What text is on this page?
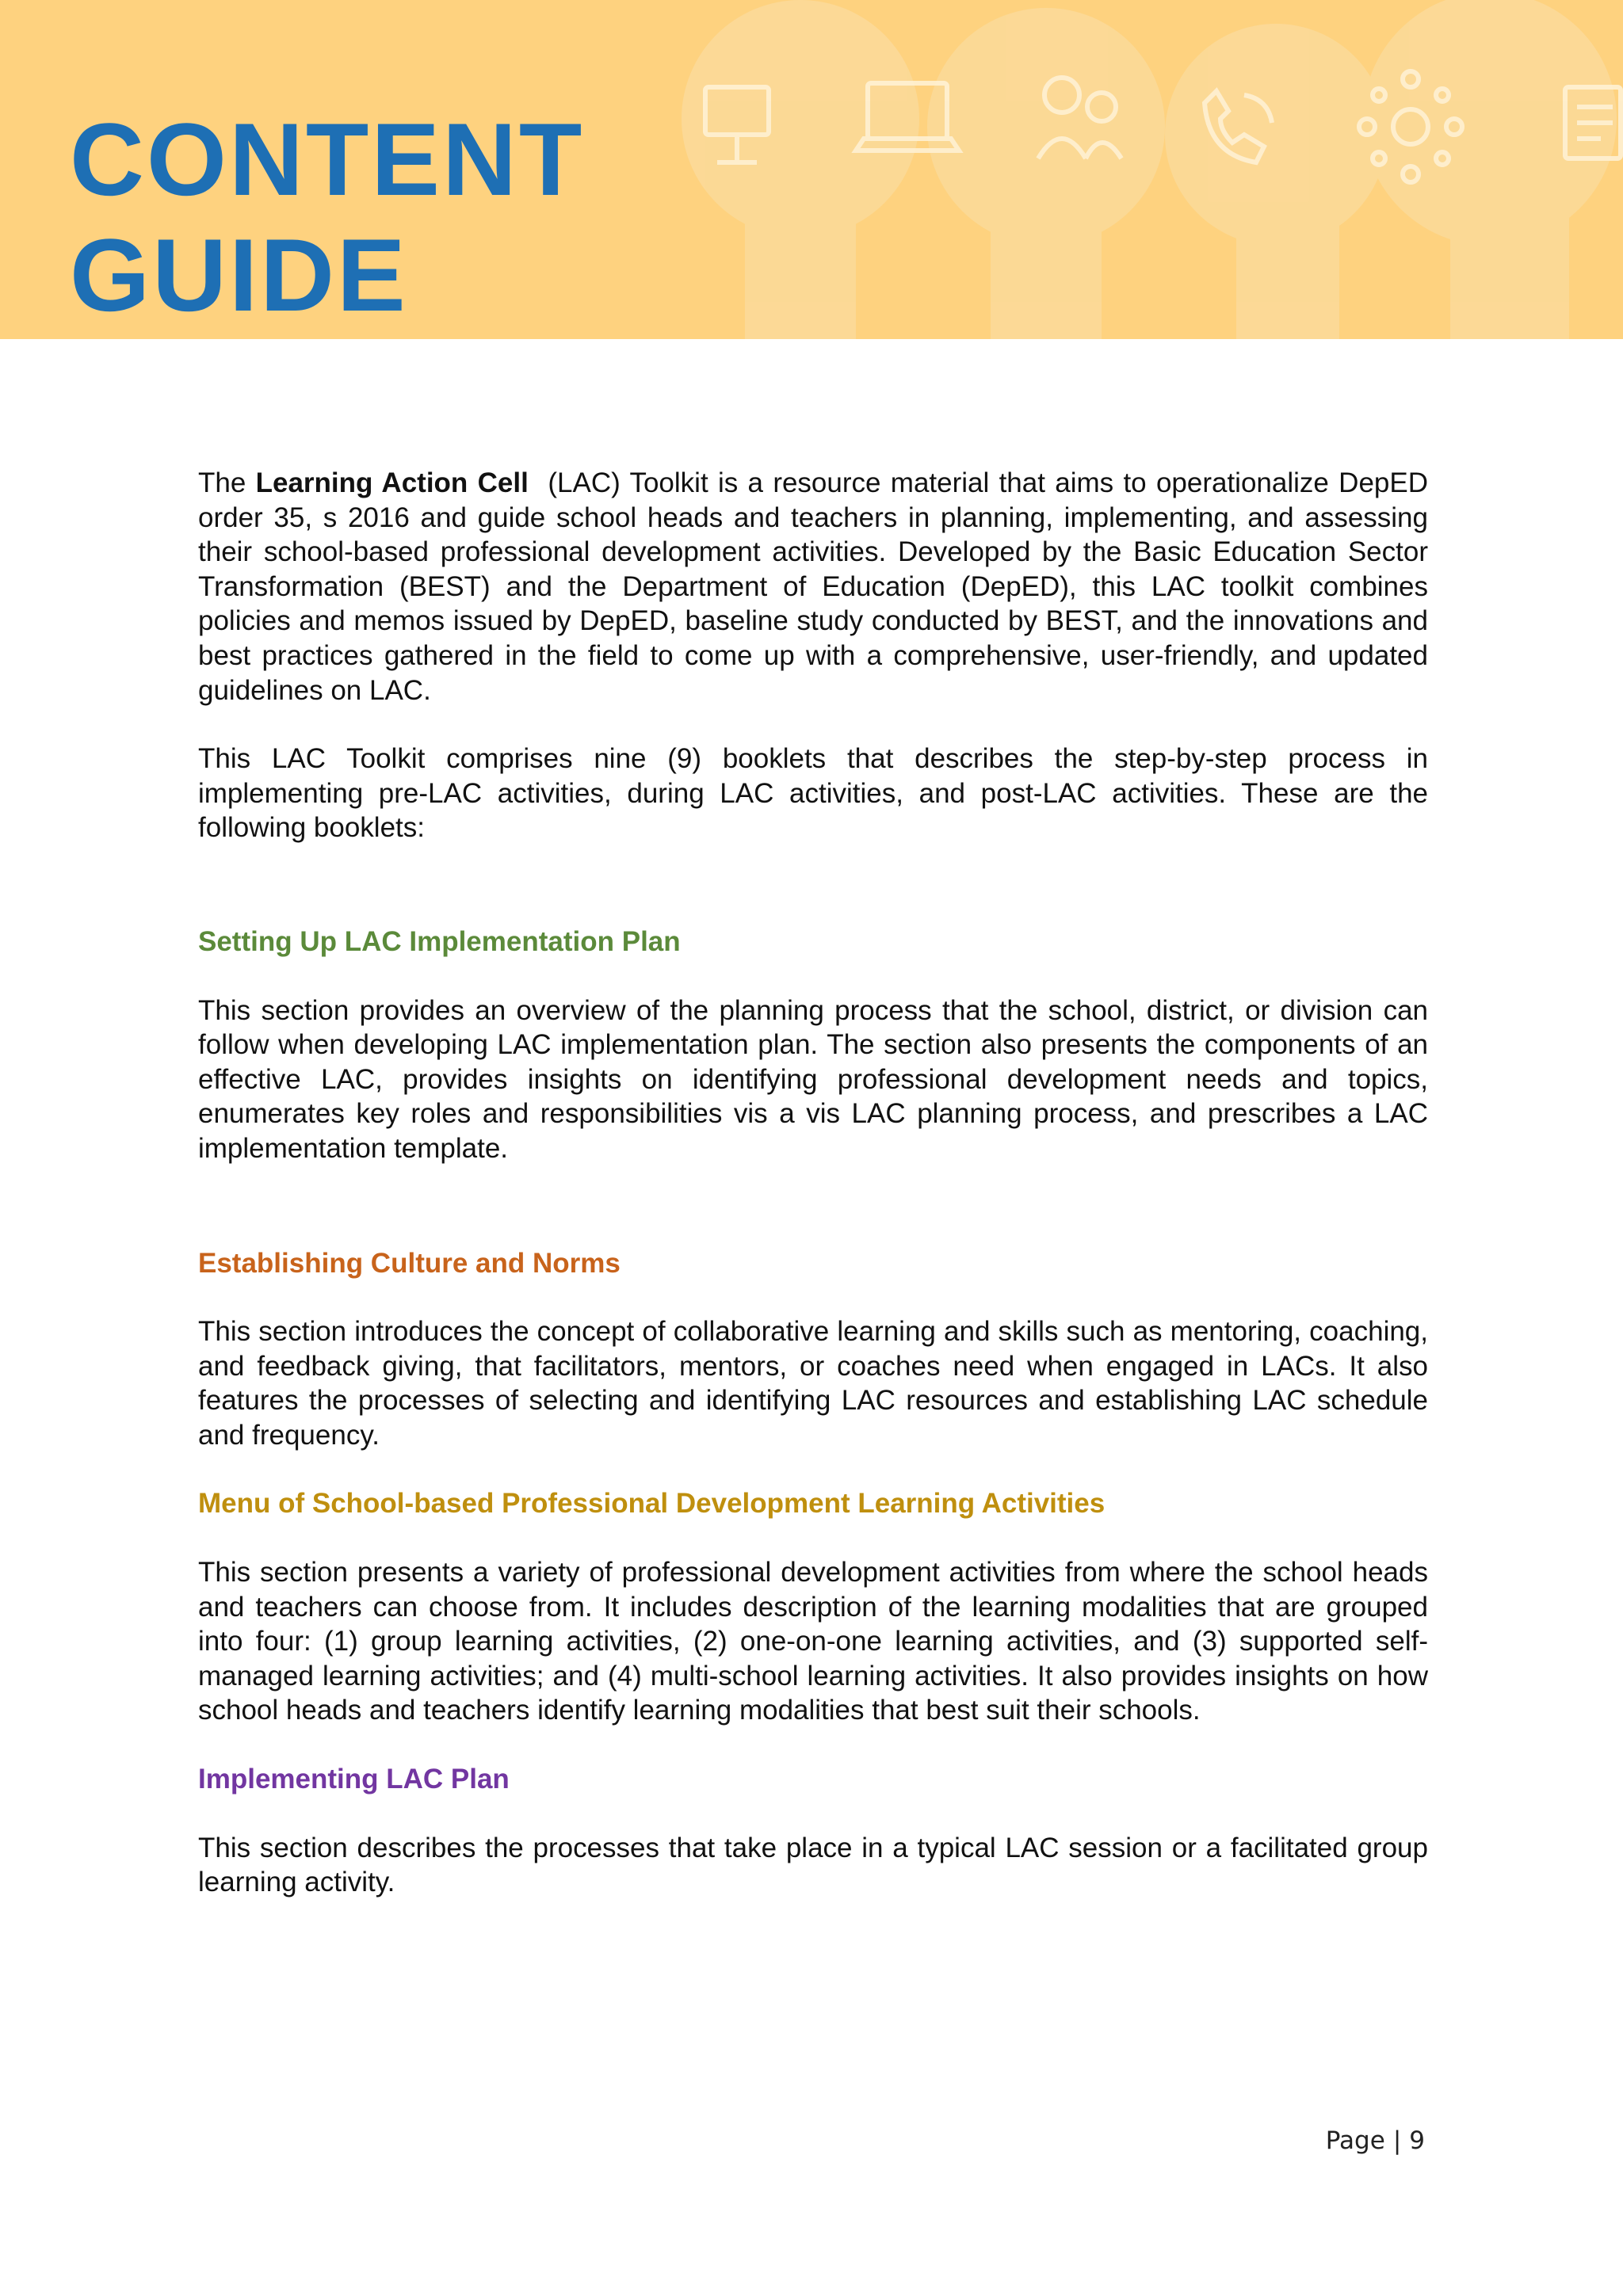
CONTENT
GUIDE

The Learning Action Cell  (LAC) Toolkit is a resource material that aims to operationalize DepED order 35, s 2016 and guide school heads and teachers in planning, implementing, and assessing their school-based professional development activities. Developed by the Basic Education Sector Transformation (BEST) and the Department of Education (DepED), this LAC toolkit combines policies and memos issued by DepED, baseline study conducted by BEST, and the innovations and best practices gathered in the field to come up with a comprehensive, user-friendly, and updated guidelines on LAC.

This LAC Toolkit comprises nine (9) booklets that describes the step-by-step process in implementing pre-LAC activities, during LAC activities, and post-LAC activities. These are the following booklets:

Setting Up LAC Implementation Plan

This section provides an overview of the planning process that the school, district, or division can follow when developing LAC implementation plan. The section also presents the components of an effective LAC, provides insights on identifying professional development needs and topics, enumerates key roles and responsibilities vis a vis LAC planning process, and prescribes a LAC implementation template.

Establishing Culture and Norms

This section introduces the concept of collaborative learning and skills such as mentoring, coaching, and feedback giving, that facilitators, mentors, or coaches need when engaged in LACs. It also features the processes of selecting and identifying LAC resources and establishing LAC schedule and frequency.

Menu of School-based Professional Development Learning Activities

This section presents a variety of professional development activities from where the school heads and teachers can choose from. It includes description of the learning modalities that are grouped into four: (1) group learning activities, (2) one-on-one learning activities, and (3) supported self-managed learning activities; and (4) multi-school learning activities. It also provides insights on how school heads and teachers identify learning modalities that best suit their schools.

Implementing LAC Plan

This section describes the processes that take place in a typical LAC session or a facilitated group learning activity.

Page | 9
